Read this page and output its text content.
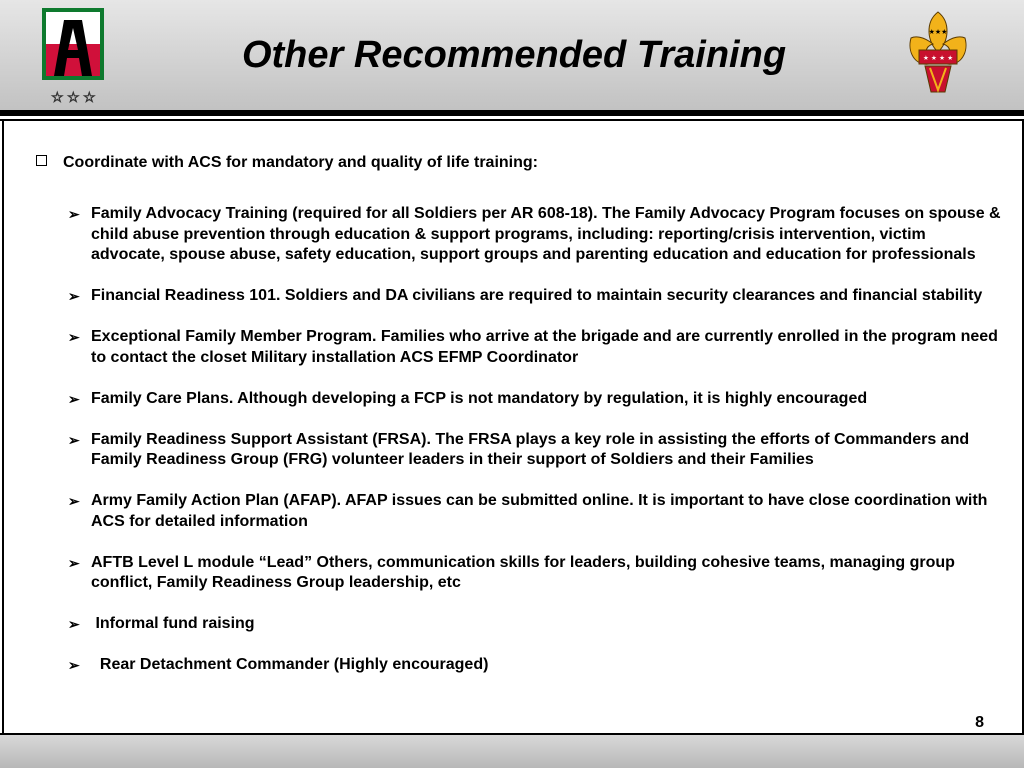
☆ ☆ ☆
Other Recommended Training	★ ★ ★ ★
★★★
Coordinate with ACS for mandatory and quality of life training:
➢ Family Advocacy Training (required for all Soldiers per AR 608-18). The Family Advocacy Program focuses on spouse & child abuse prevention through education & support programs, including: reporting/crisis intervention, victim advocate, spouse abuse, safety education, support groups and parenting education and education for professionals
➢ Financial Readiness 101. Soldiers and DA civilians are required to maintain security clearances and financial stability
➢ Exceptional Family Member Program. Families who arrive at the brigade and are currently enrolled in the program need to contact the closet Military installation ACS EFMP Coordinator
➢ Family Care Plans. Although developing a FCP is not mandatory by regulation, it is highly encouraged
➢ Family Readiness Support Assistant (FRSA). The FRSA plays a key role in assisting the efforts of Commanders and Family Readiness Group (FRG) volunteer leaders in their support of Soldiers and their Families
➢ Army Family Action Plan (AFAP). AFAP issues can be submitted online. It is important to have close coordination with ACS for detailed information
➢ AFTB Level L module “Lead” Others, communication skills for leaders, building cohesive teams, managing group conflict, Family Readiness Group leadership, etc
➢ Informal fund raising
➢ Rear Detachment Commander (Highly encouraged)
8
